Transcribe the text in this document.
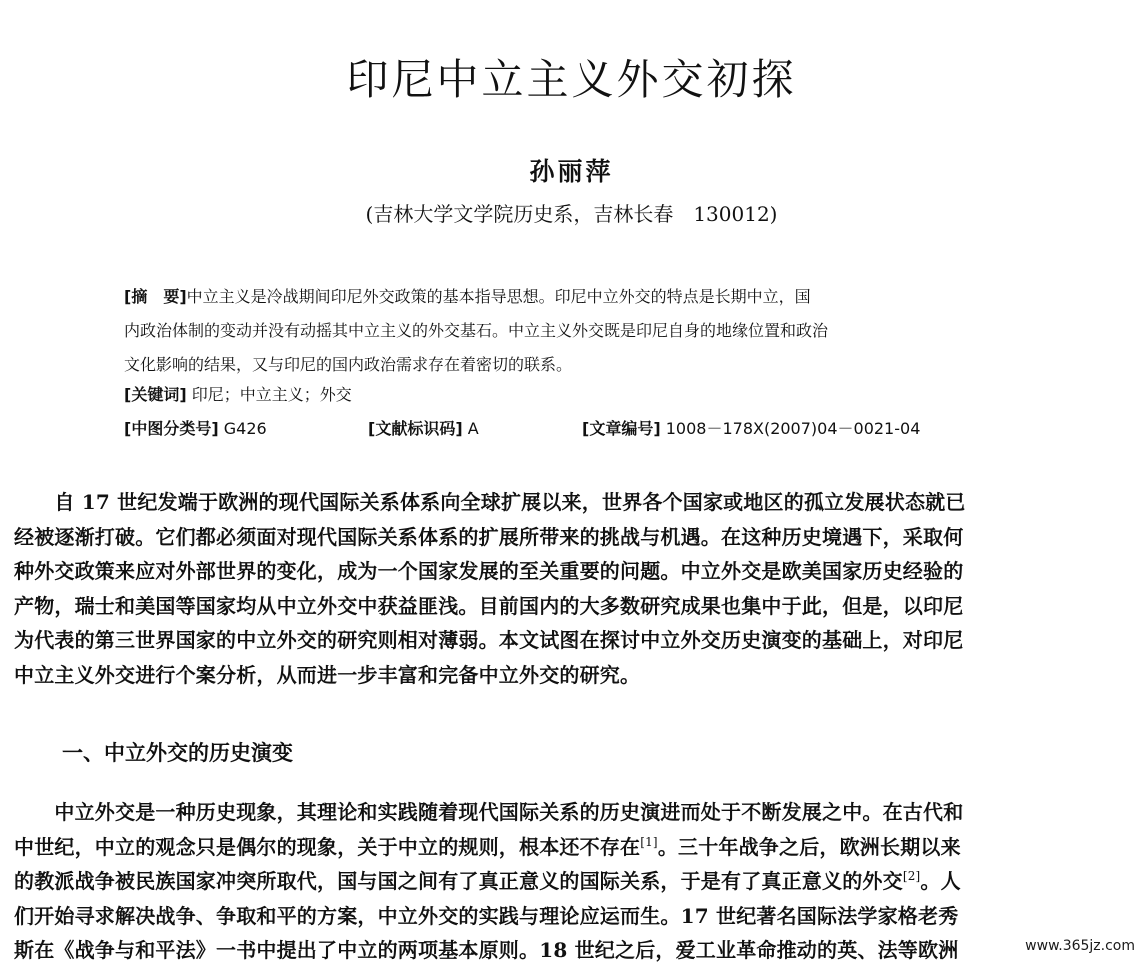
印尼中立主义外交初探
孙丽萍
(吉林大学文学院历史系，吉林长春　130012)
[摘　要]中立主义是冷战期间印尼外交政策的基本指导思想。印尼中立外交的特点是长期中立，国
内政治体制的变动并没有动摇其中立主义的外交基石。中立主义外交既是印尼自身的地缘位置和政治
文化影响的结果，又与印尼的国内政治需求存在着密切的联系。
[关键词] 印尼；中立主义；外交
[中图分类号] G426	[文献标识码] A	[文章编号] 1008－178X(2007)04－0021-04
　　自 17 世纪发端于欧洲的现代国际关系体系向全球扩展以来，世界各个国家或地区的孤立发展状态就已
经被逐渐打破。它们都必须面对现代国际关系体系的扩展所带来的挑战与机遇。在这种历史境遇下，采取何
种外交政策来应对外部世界的变化，成为一个国家发展的至关重要的问题。中立外交是欧美国家历史经验的
产物，瑞士和美国等国家均从中立外交中获益匪浅。目前国内的大多数研究成果也集中于此，但是，以印尼
为代表的第三世界国家的中立外交的研究则相对薄弱。本文试图在探讨中立外交历史演变的基础上，对印尼
中立主义外交进行个案分析，从而进一步丰富和完备中立外交的研究。
一、中立外交的历史演变
　　中立外交是一种历史现象，其理论和实践随着现代国际关系的历史演进而处于不断发展之中。在古代和
中世纪，中立的观念只是偶尔的现象，关于中立的规则，根本还不存在[1]。三十年战争之后，欧洲长期以来
的教派战争被民族国家冲突所取代，国与国之间有了真正意义的国际关系，于是有了真正意义的外交[2]。人
们开始寻求解决战争、争取和平的方案，中立外交的实践与理论应运而生。17 世纪著名国际法学家格老秀
斯在《战争与和平法》一书中提出了中立的两项基本原则。18 世纪之后，爱工业革命推动的英、法等欧洲	www.365jz.com
